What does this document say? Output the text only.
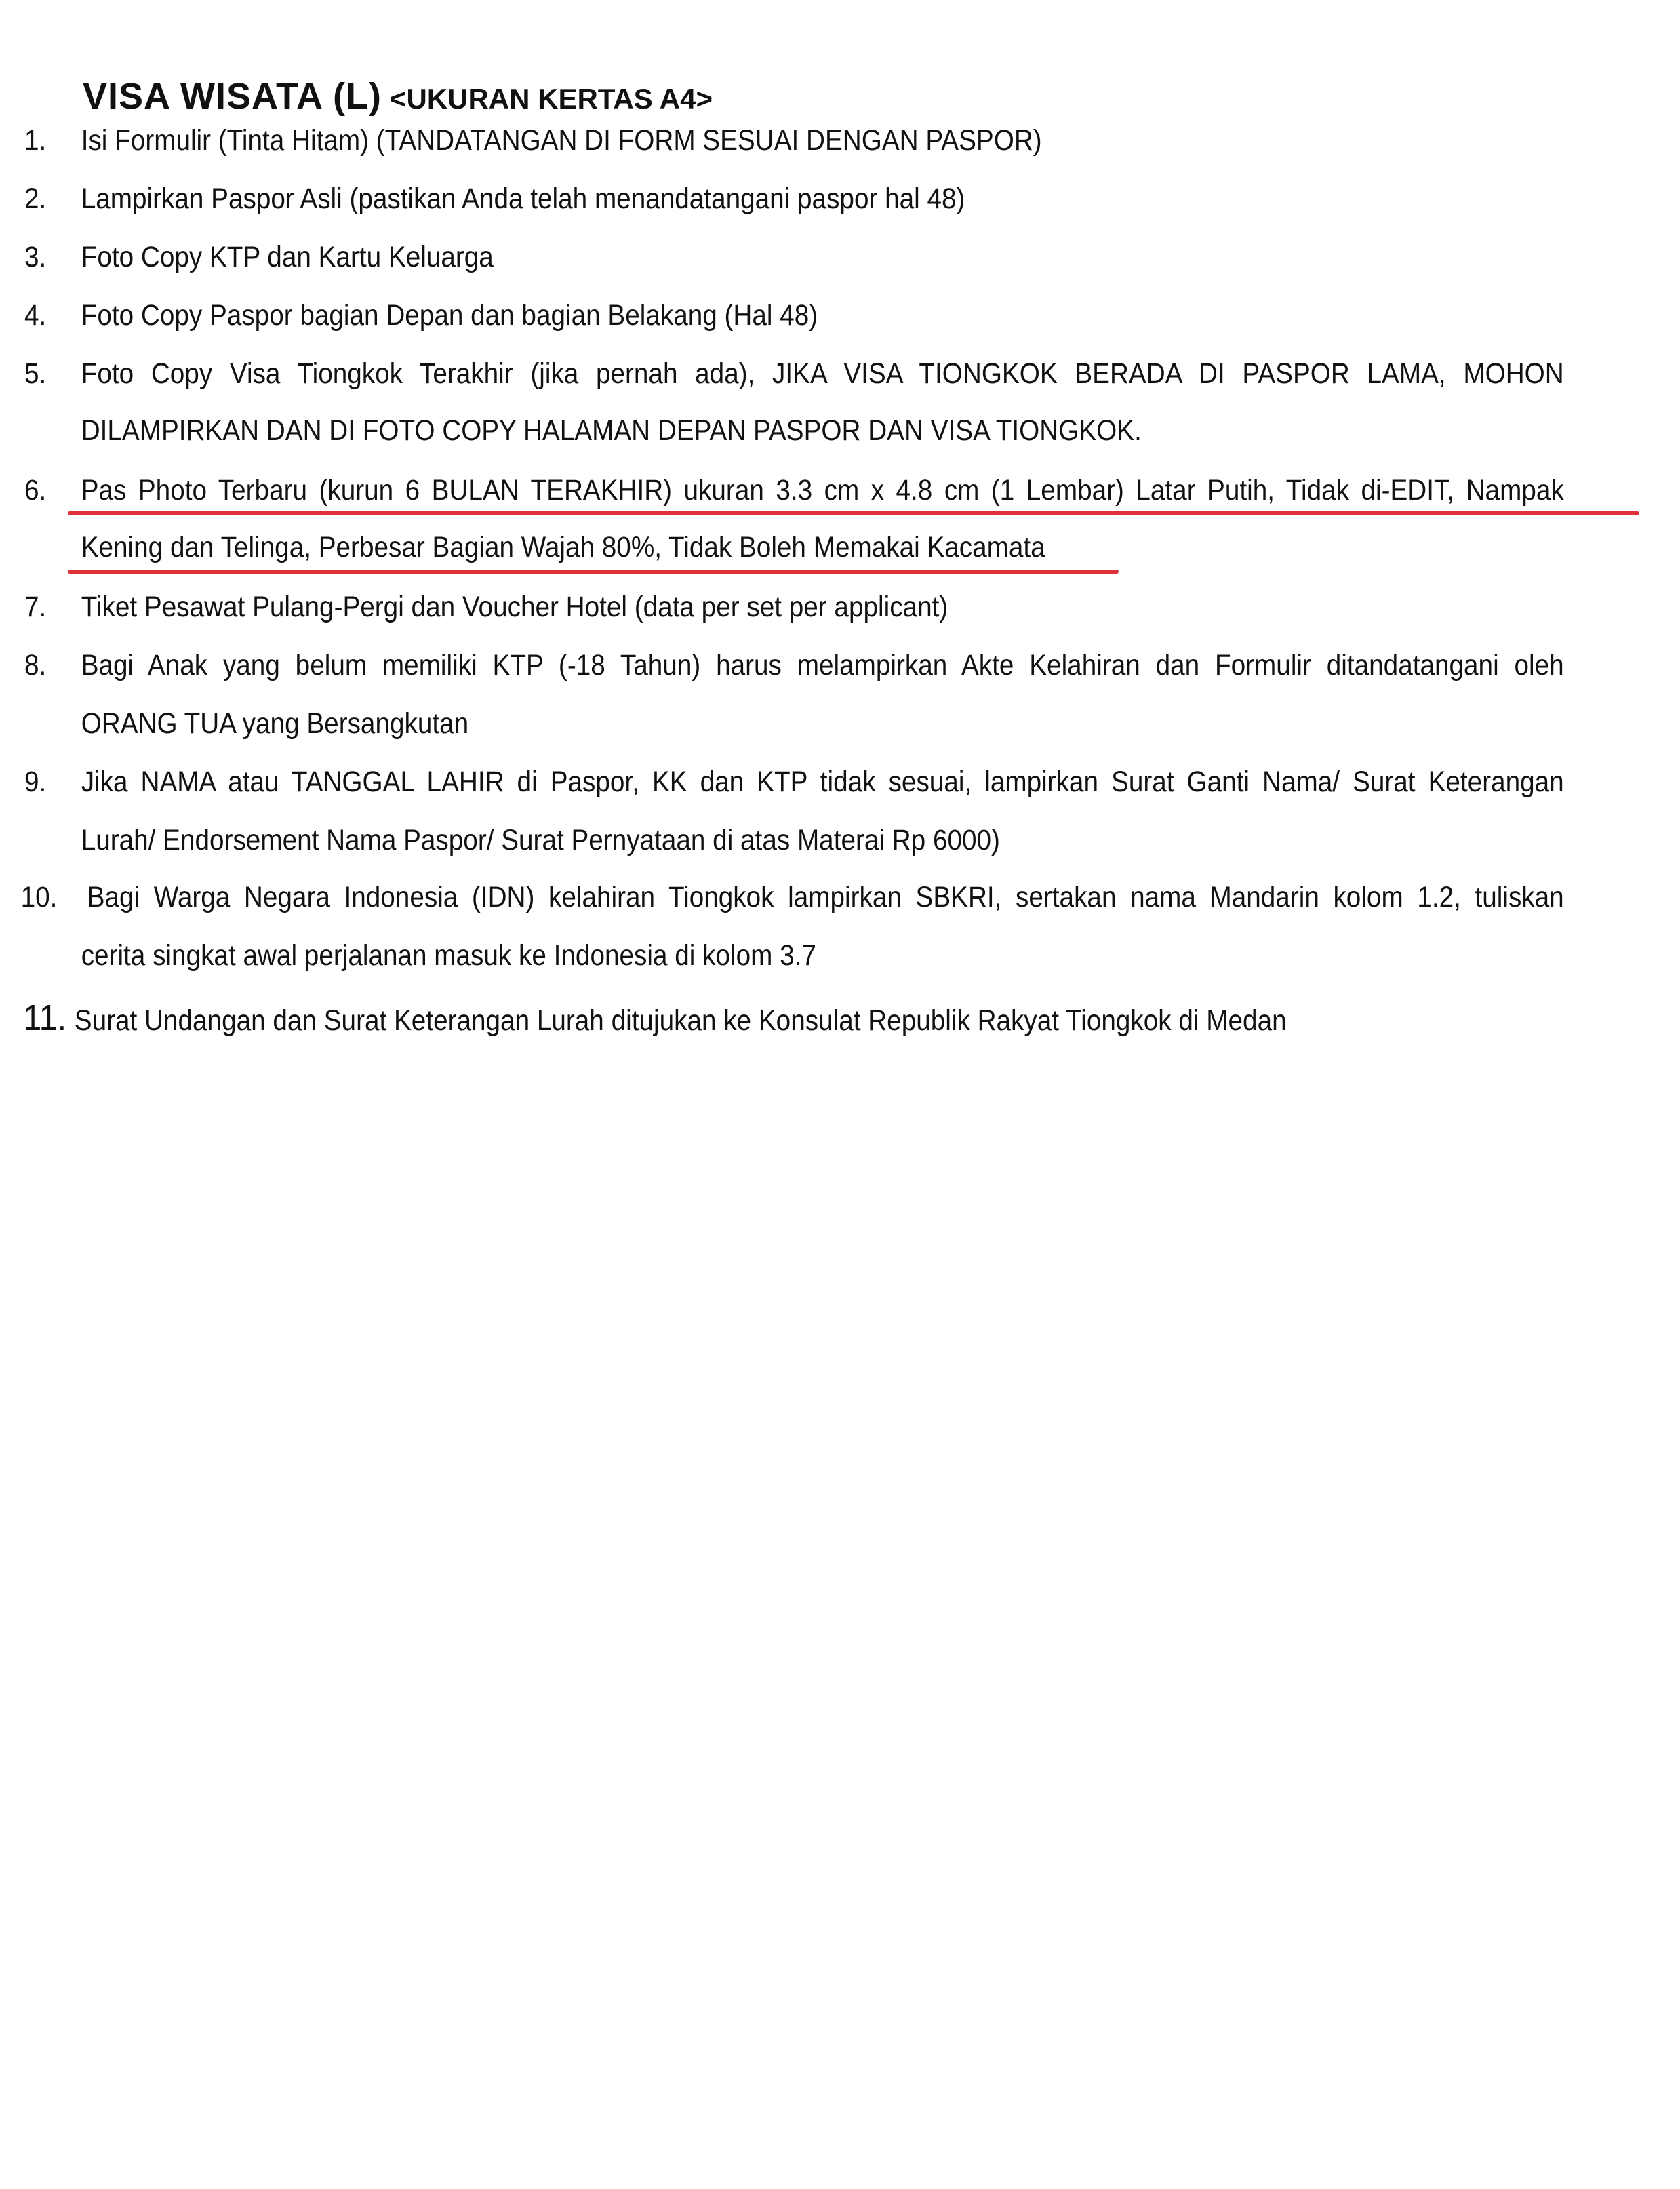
VISA WISATA (L) <UKURAN KERTAS A4>
1. Isi Formulir (Tinta Hitam) (TANDATANGAN DI FORM SESUAI DENGAN PASPOR)
2. Lampirkan Paspor Asli (pastikan Anda telah menandatangani paspor hal 48)
3. Foto Copy KTP dan Kartu Keluarga
4. Foto Copy Paspor bagian Depan dan bagian Belakang (Hal 48)
5. Foto Copy Visa Tiongkok Terakhir (jika pernah ada), JIKA VISA TIONGKOK BERADA DI PASPOR LAMA, MOHON
DILAMPIRKAN DAN DI FOTO COPY HALAMAN DEPAN PASPOR DAN VISA TIONGKOK.
6. Pas Photo Terbaru (kurun 6 BULAN TERAKHIR) ukuran 3.3 cm x 4.8 cm (1 Lembar) Latar Putih, Tidak di-EDIT, Nampak
Kening dan Telinga, Perbesar Bagian Wajah 80%, Tidak Boleh Memakai Kacamata
7. Tiket Pesawat Pulang-Pergi dan Voucher Hotel (data per set per applicant)
8. Bagi Anak yang belum memiliki KTP (-18 Tahun) harus melampirkan Akte Kelahiran dan Formulir ditandatangani oleh
ORANG TUA yang Bersangkutan
9. Jika NAMA atau TANGGAL LAHIR di Paspor, KK dan KTP tidak sesuai, lampirkan Surat Ganti Nama/ Surat Keterangan
Lurah/ Endorsement Nama Paspor/ Surat Pernyataan di atas Materai Rp 6000)
10. Bagi Warga Negara Indonesia (IDN) kelahiran Tiongkok lampirkan SBKRI, sertakan nama Mandarin kolom 1.2, tuliskan
cerita singkat awal perjalanan masuk ke Indonesia di kolom 3.7
11. Surat Undangan dan Surat Keterangan Lurah ditujukan ke Konsulat Republik Rakyat Tiongkok di Medan
